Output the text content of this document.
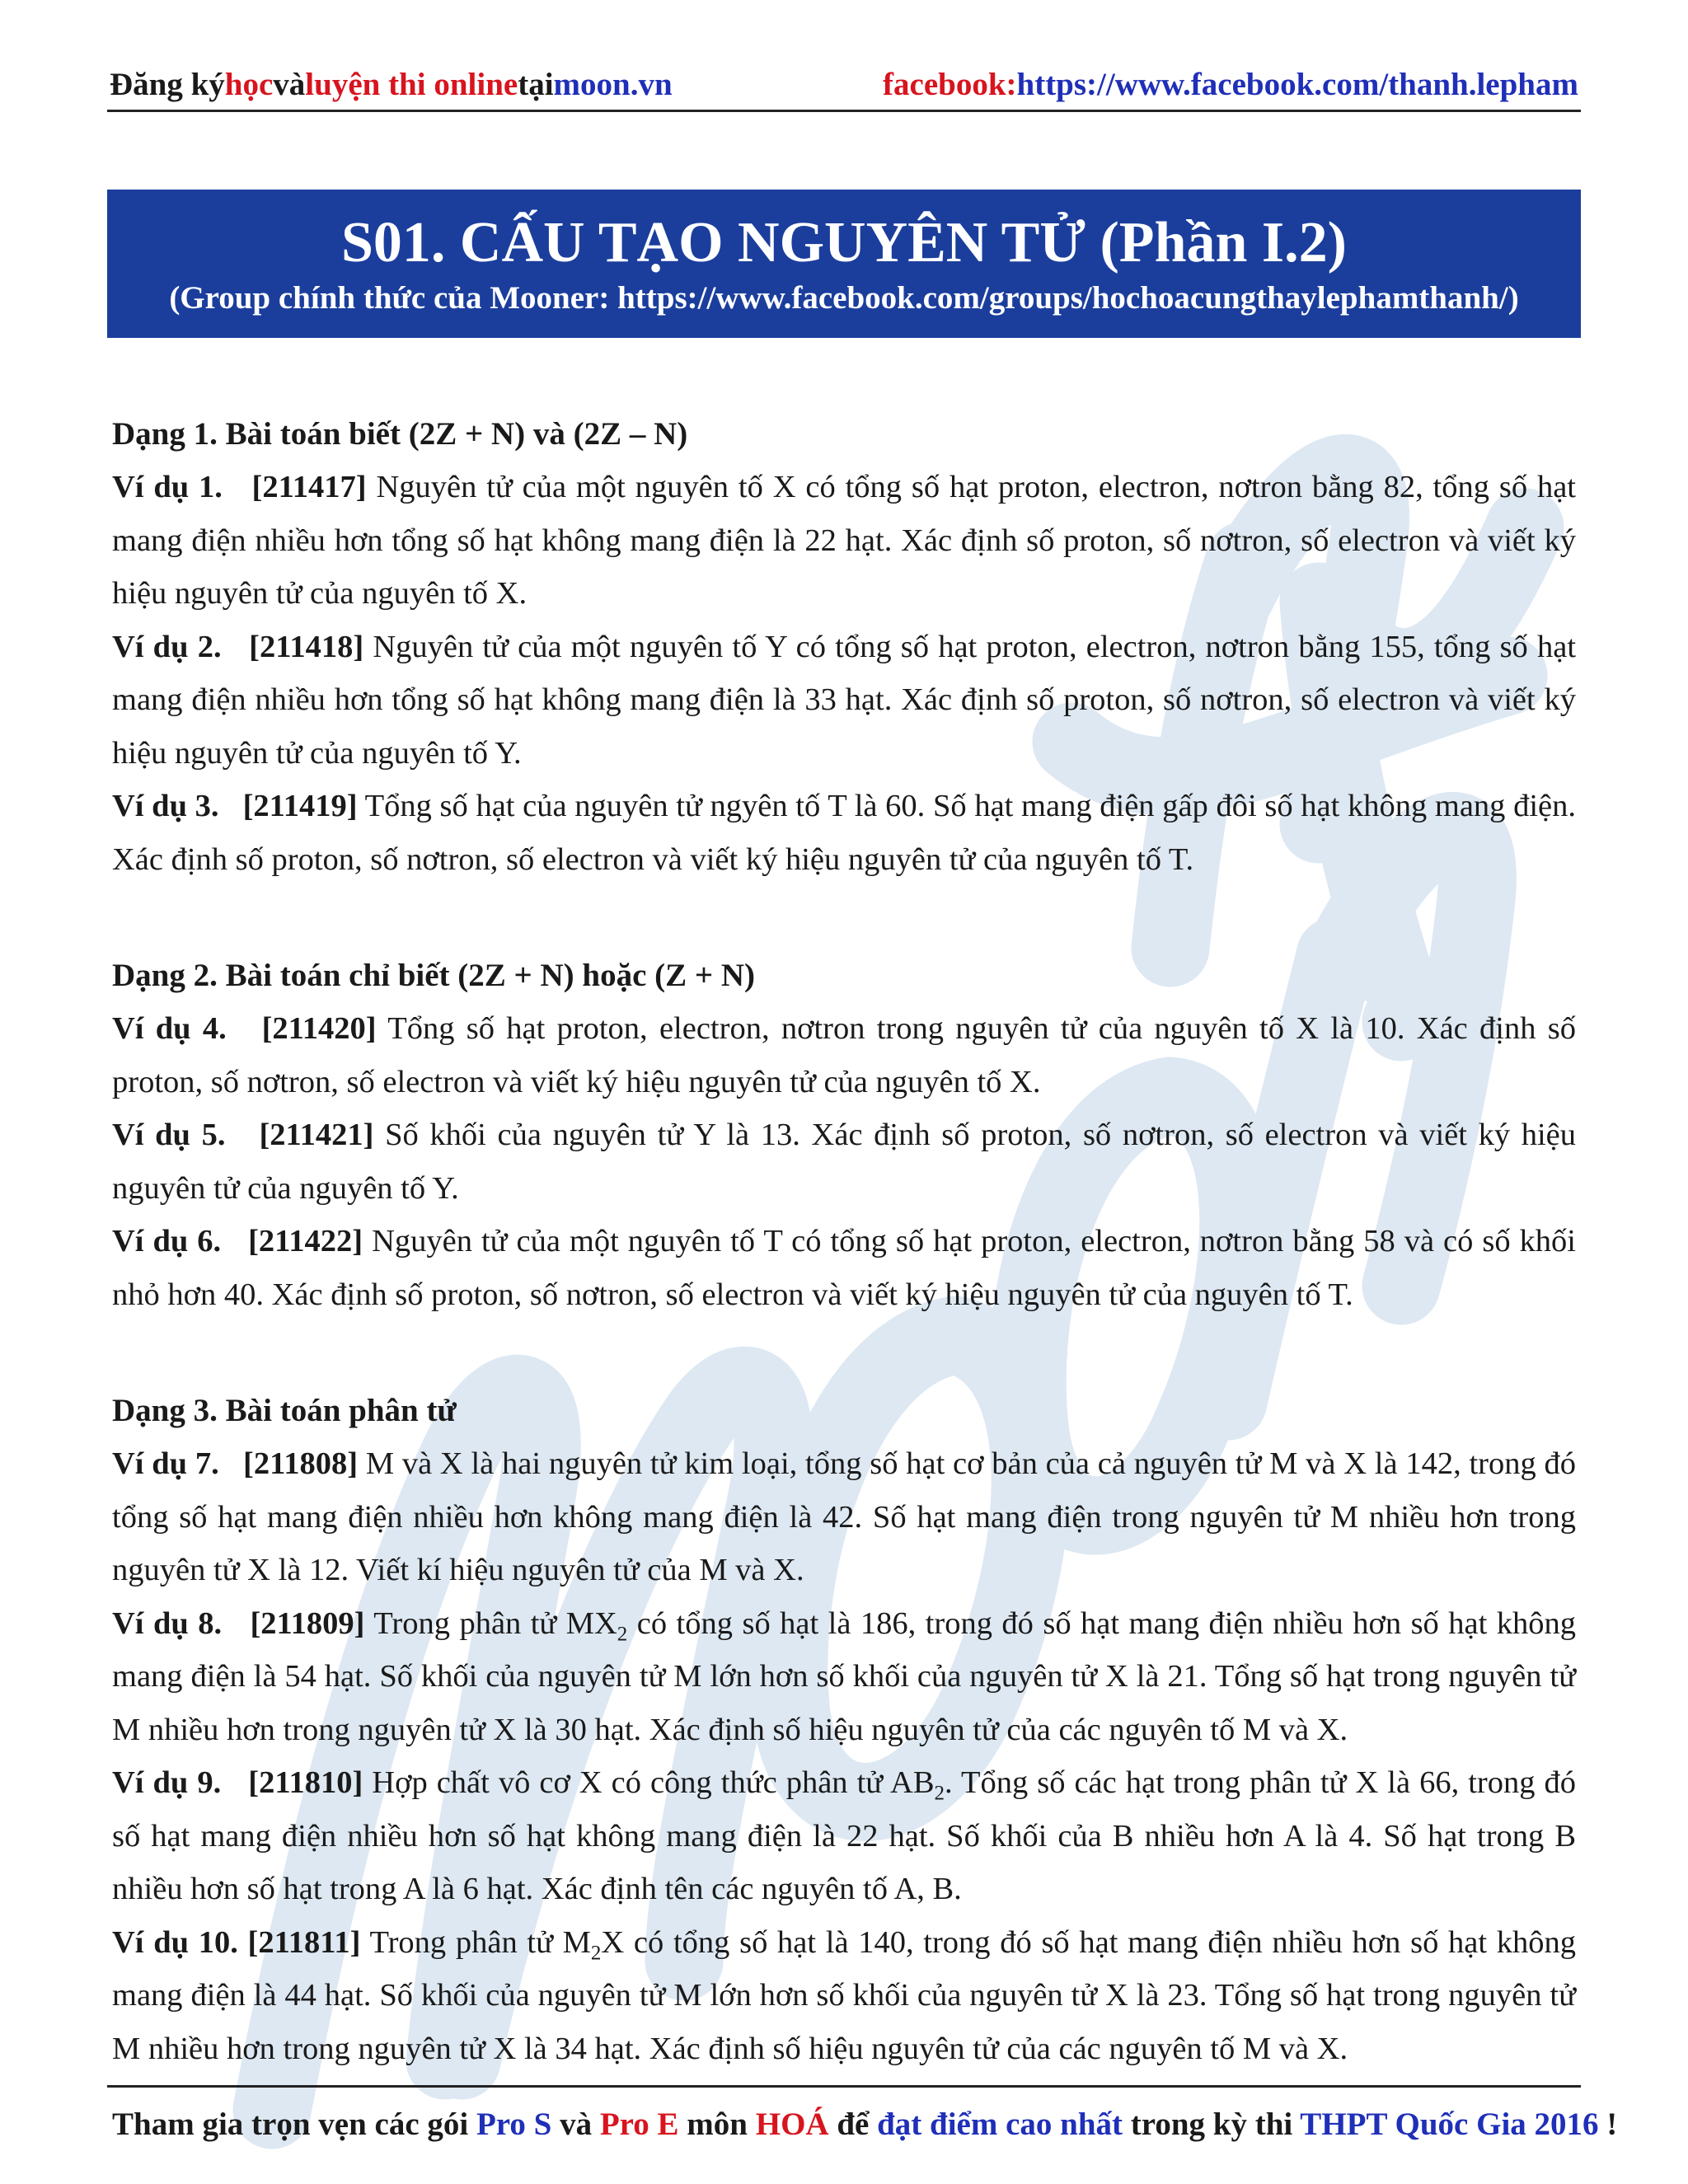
Đăng ký học và luyện thi online tại moon.vn	facebook: https://www.facebook.com/thanh.lepham
S01. CẤU TẠO NGUYÊN TỬ (Phần I.2)
(Group chính thức của Mooner: https://www.facebook.com/groups/hochoacungthaylephamthanh/)

Dạng 1. Bài toán biết (2Z + N) và (2Z – N)

Ví dụ 1. [211417] Nguyên tử của một nguyên tố X có tổng số hạt proton, electron, nơtron bằng 82, tổng số hạt mang điện nhiều hơn tổng số hạt không mang điện là 22 hạt. Xác định số proton, số nơtron, số electron và viết ký hiệu nguyên tử của nguyên tố X.

Ví dụ 2. [211418] Nguyên tử của một nguyên tố Y có tổng số hạt proton, electron, nơtron bằng 155, tổng số hạt mang điện nhiều hơn tổng số hạt không mang điện là 33 hạt. Xác định số proton, số nơtron, số electron và viết ký hiệu nguyên tử của nguyên tố Y.

Ví dụ 3. [211419] Tổng số hạt của nguyên tử ngyên tố T là 60. Số hạt mang điện gấp đôi số hạt không mang điện. Xác định số proton, số nơtron, số electron và viết ký hiệu nguyên tử của nguyên tố T.

Dạng 2. Bài toán chỉ biết (2Z + N) hoặc (Z + N)

Ví dụ 4. [211420] Tổng số hạt proton, electron, nơtron trong nguyên tử của nguyên tố X là 10. Xác định số proton, số nơtron, số electron và viết ký hiệu nguyên tử của nguyên tố X.

Ví dụ 5. [211421] Số khối của nguyên tử Y là 13. Xác định số proton, số nơtron, số electron và viết ký hiệu nguyên tử của nguyên tố Y.

Ví dụ 6. [211422] Nguyên tử của một nguyên tố T có tổng số hạt proton, electron, nơtron bằng 58 và có số khối nhỏ hơn 40. Xác định số proton, số nơtron, số electron và viết ký hiệu nguyên tử của nguyên tố T.

Dạng 3. Bài toán phân tử

Ví dụ 7. [211808] M và X là hai nguyên tử kim loại, tổng số hạt cơ bản của cả nguyên tử M và X là 142, trong đó tổng số hạt mang điện nhiều hơn không mang điện là 42. Số hạt mang điện trong nguyên tử M nhiều hơn trong nguyên tử X là 12. Viết kí hiệu nguyên tử của M và X.

Ví dụ 8. [211809] Trong phân tử $MX_2$ có tổng số hạt là 186, trong đó số hạt mang điện nhiều hơn số hạt không mang điện là 54 hạt. Số khối của nguyên tử M lớn hơn số khối của nguyên tử X là 21. Tổng số hạt trong nguyên tử M nhiều hơn trong nguyên tử X là 30 hạt. Xác định số hiệu nguyên tử của các nguyên tố M và X.

Ví dụ 9. [211810] Hợp chất vô cơ X có công thức phân tử $AB_2$. Tổng số các hạt trong phân tử X là 66, trong đó số hạt mang điện nhiều hơn số hạt không mang điện là 22 hạt. Số khối của B nhiều hơn A là 4. Số hạt trong B nhiều hơn số hạt trong A là 6 hạt. Xác định tên các nguyên tố A, B.

Ví dụ 10. [211811] Trong phân tử $M_2X$ có tổng số hạt là 140, trong đó số hạt mang điện nhiều hơn số hạt không mang điện là 44 hạt. Số khối của nguyên tử M lớn hơn số khối của nguyên tử X là 23. Tổng số hạt trong nguyên tử M nhiều hơn trong nguyên tử X là 34 hạt. Xác định số hiệu nguyên tử của các nguyên tố M và X.

Tham gia trọn vẹn các gói Pro S và Pro E môn HOÁ để đạt điểm cao nhất trong kỳ thi THPT Quốc Gia 2016 !
